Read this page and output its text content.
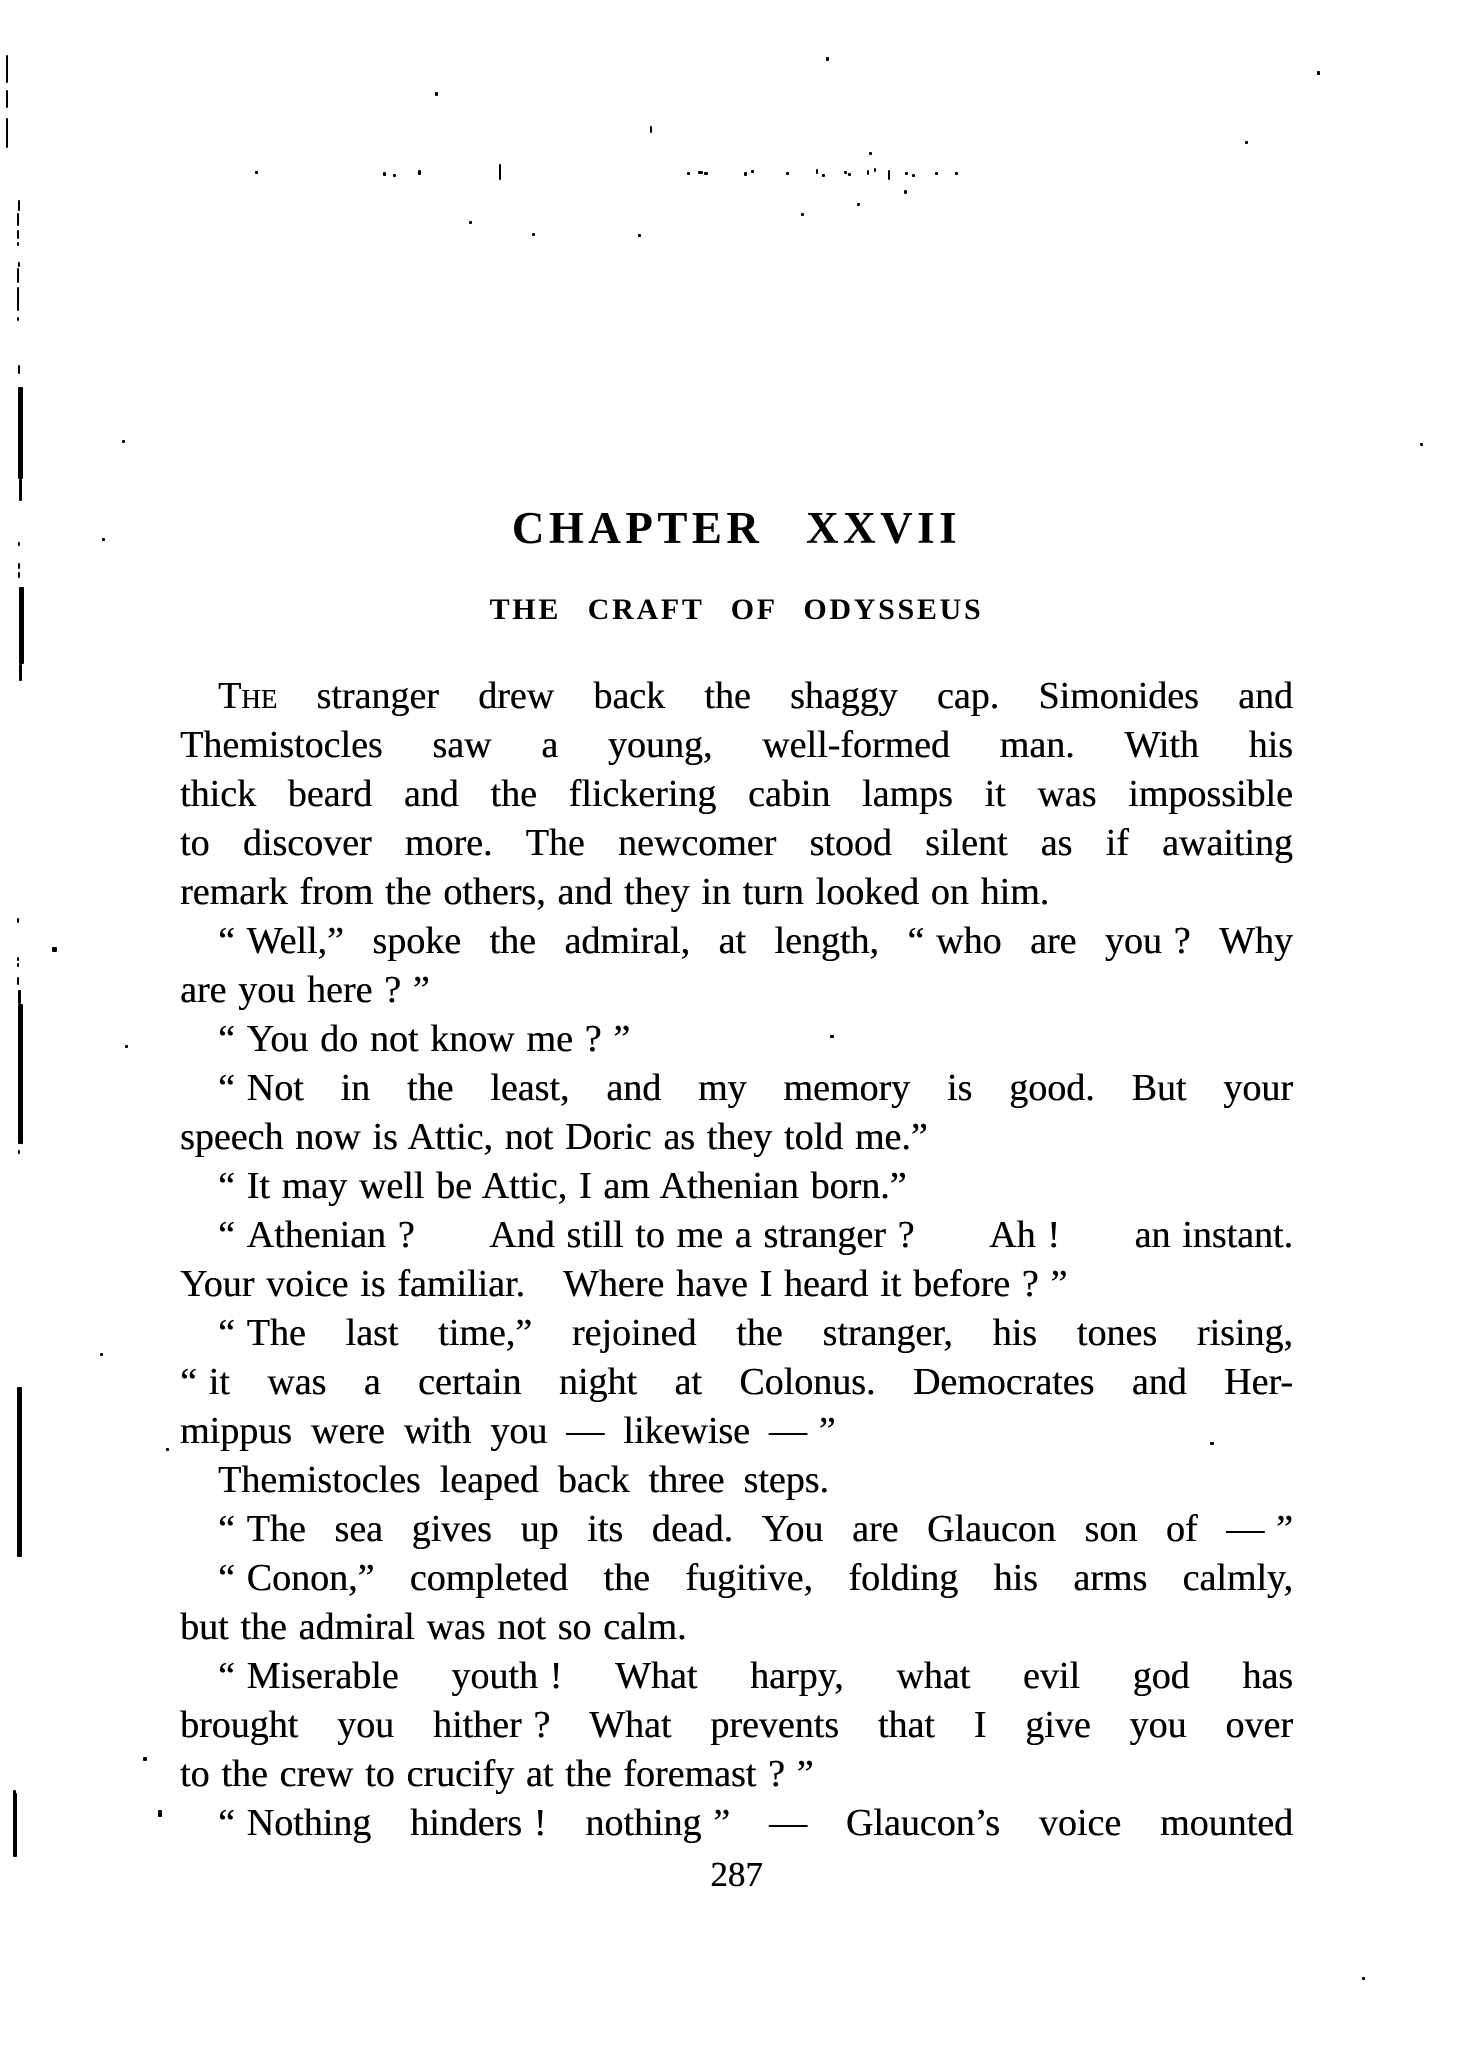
CHAPTER XXVII
THE CRAFT OF ODYSSEUS
The stranger drew back the shaggy cap. Simonides and
Themistocles saw a young, well-formed man. With his
thick beard and the flickering cabin lamps it was impossible
to discover more. The newcomer stood silent as if awaiting
remark from the others, and they in turn looked on him.
“ Well,” spoke the admiral, at length, “ who are you ? Why
are you here ? ”
“ You do not know me ? ”
“ Not in the least, and my memory is good. But your
speech now is Attic, not Doric as they told me.”
“ It may well be Attic, I am Athenian born.”
“ Athenian ? And still to me a stranger ? Ah ! an instant.
Your voice is familiar. Where have I heard it before ? ”
“ The last time,” rejoined the stranger, his tones rising,
“ it was a certain night at Colonus. Democrates and Her-
mippus were with you — likewise — ”
Themistocles leaped back three steps.
“ The sea gives up its dead. You are Glaucon son of — ”
“ Conon,” completed the fugitive, folding his arms calmly,
but the admiral was not so calm.
“ Miserable youth ! What harpy, what evil god has
brought you hither ? What prevents that I give you over
to the crew to crucify at the foremast ? ”
“ Nothing hinders ! nothing ” — Glaucon’s voice mounted
287
